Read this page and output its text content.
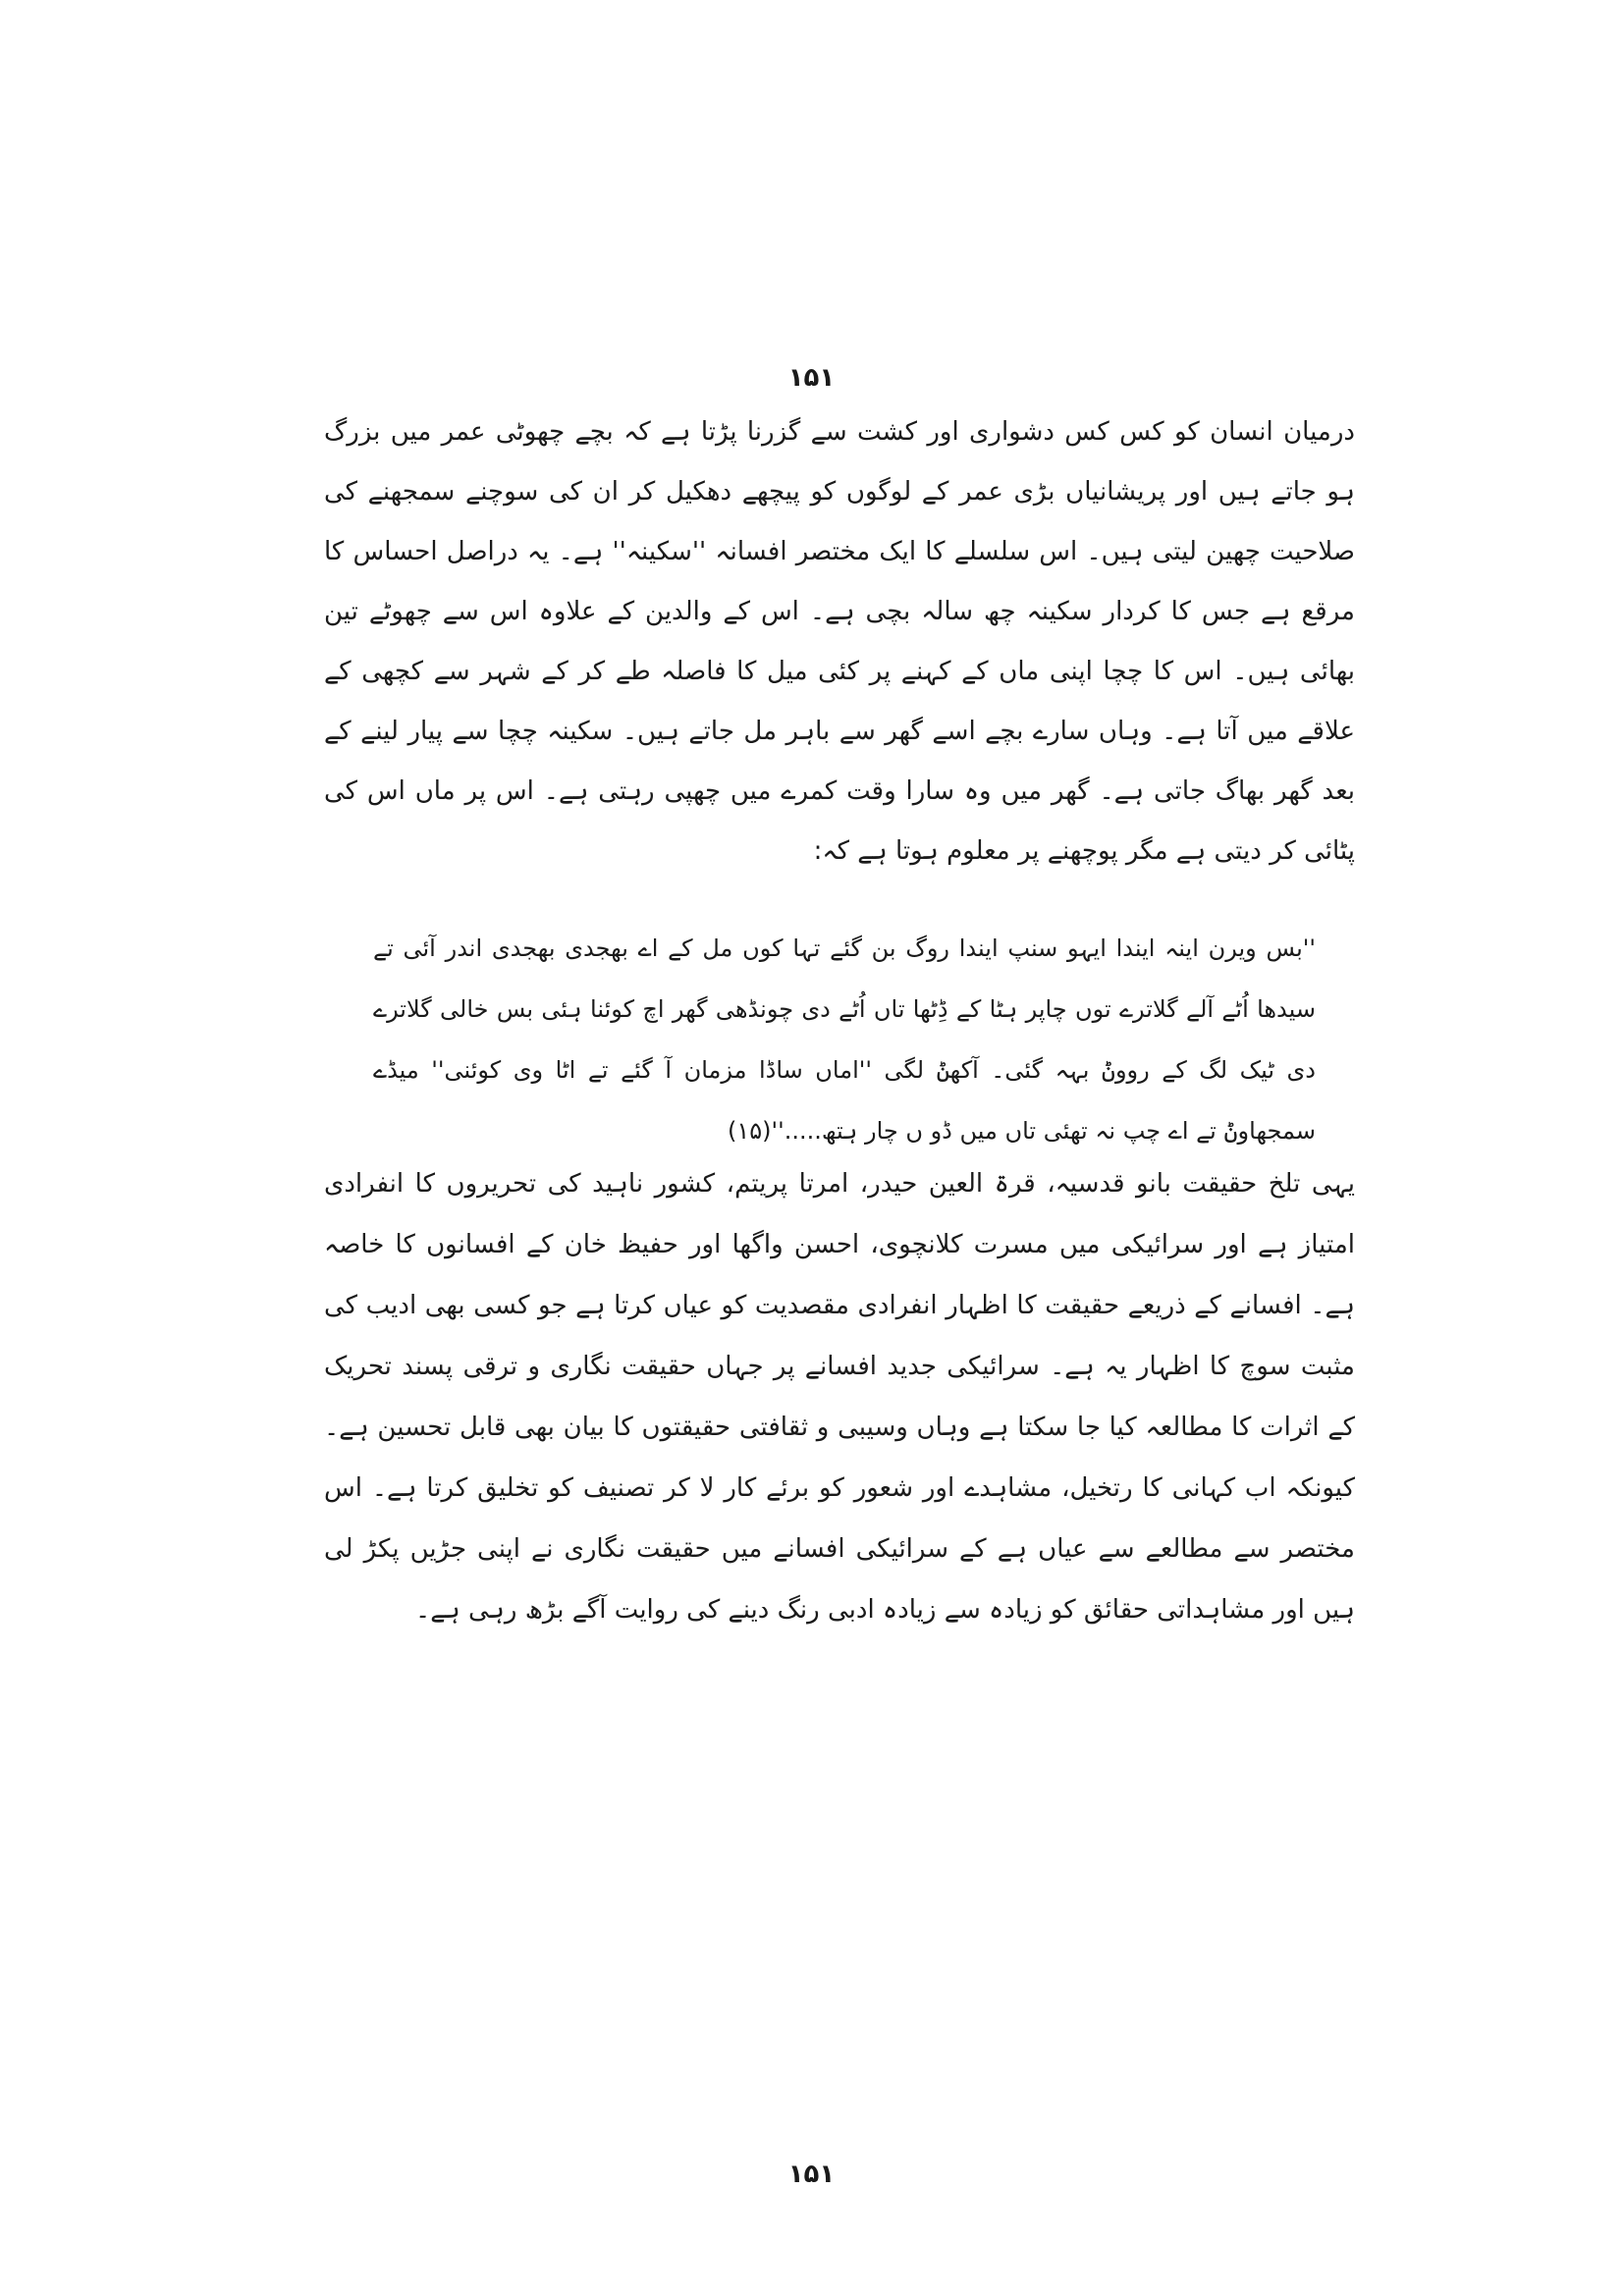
۱۵۱

درمیان انسان کو کس کس دشواری اور کشت سے گزرنا پڑتا ہے کہ بچے چھوٹی عمر میں بزرگ ہو جاتے ہیں اور پریشانیاں بڑی عمر کے لوگوں کو پیچھے دھکیل کر ان کی سوچنے سمجھنے کی صلاحیت چھین لیتی ہیں۔ اس سلسلے کا ایک مختصر افسانہ ''سکینہ'' ہے۔ یہ دراصل احساس کا مرقع ہے جس کا کردار سکینہ چھ سالہ بچی ہے۔ اس کے والدین کے علاوہ اس سے چھوٹے تین بھائی ہیں۔ اس کا چچا اپنی ماں کے کہنے پر کئی میل کا فاصلہ طے کر کے شہر سے کچھی کے علاقے میں آتا ہے۔ وہاں سارے بچے اسے گھر سے باہر مل جاتے ہیں۔ سکینہ چچا سے پیار لینے کے بعد گھر بھاگ جاتی ہے۔ گھر میں وہ سارا وقت کمرے میں چھپی رہتی ہے۔ اس پر ماں اس کی پٹائی کر دیتی ہے مگر پوچھنے پر معلوم ہوتا ہے کہ:

''بس ویرن اینہ ایندا ایہو سنپ ایندا روگ بن گئے تہا کوں مل کے اے بھجدی بھجدی اندر آئی تے سیدھا اُٹے آلے گلاترے توں چاپر ہٹا کے ڈِٹھا تاں اُٹے دی چونڈھی گھر اچ کوئنا ہئی بس خالی گلاترے دی ٹیک لگ کے رووݨ بہہ گئی۔ آکھݨ لگی ''اماں ساڈا مزمان آ گئے تے اٹا وی کوئنی'' میڈے سمجھاوݨ تے اے چپ نہ تھئی تاں میں ڈو ں چار ہتھ.....''(۱۵)

یہی تلخ حقیقت بانو قدسیہ، قرۃ العین حیدر، امرتا پریتم، کشور ناہید کی تحریروں کا انفرادی امتیاز ہے اور سرائیکی میں مسرت کلانچوی، احسن واگھا اور حفیظ خان کے افسانوں کا خاصہ ہے۔ افسانے کے ذریعے حقیقت کا اظہار انفرادی مقصدیت کو عیاں کرتا ہے جو کسی بھی ادیب کی مثبت سوچ کا اظہار یہ ہے۔ سرائیکی جدید افسانے پر جہاں حقیقت نگاری و ترقی پسند تحریک کے اثرات کا مطالعہ کیا جا سکتا ہے وہاں وسیبی و ثقافتی حقیقتوں کا بیان بھی قابل تحسین ہے۔ کیونکہ اب کہانی کا رتخیل، مشاہدے اور شعور کو برئے کار لا کر تصنیف کو تخلیق کرتا ہے۔ اس مختصر سے مطالعے سے عیاں ہے کے سرائیکی افسانے میں حقیقت نگاری نے اپنی جڑیں پکڑ لی ہیں اور مشاہداتی حقائق کو زیادہ سے زیادہ ادبی رنگ دینے کی روایت آگے بڑھ رہی ہے۔

۱۵۱
